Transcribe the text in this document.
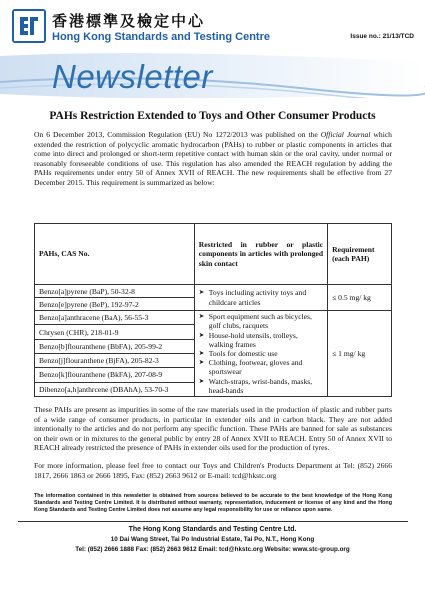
香港標準及檢定中心
Hong Kong Standards and Testing Centre	Issue no.: 21/13/TCD
Newsletter
PAHs Restriction Extended to Toys and Other Consumer Products
On 6 December 2013, Commission Regulation (EU) No 1272/2013 was published on the Official Journal which extended the restriction of polycyclic aromatic hydrocarbon (PAHs) to rubber or plastic components in articles that come into direct and prolonged or short-term repetitive contact with human skin or the oral cavity, under normal or reasonably foreseeable conditions of use. This regulation has also amended the REACH regulation by adding the PAHs requirements under entry 50 of Annex XVII of REACH. The new requirements shall be effective from 27 December 2015. This requirement is summarized as below:
PAHs, CAS No.	Restricted in rubber or plastic components in articles with prolonged skin contact	Requirement (each PAH)
Benzo[a]pyrene (BaP), 50-32-8	➤ Toys including activity toys and childcare articles	≤ 0.5 mg/ kg
Benzo[e]pyrene (BeP), 192-97-2		
Benzo[a]anthracene (BaA), 56-55-3	➤ Sport equipment such as bicycles, golf clubs, racquets
➤ House-hold utensils, trolleys, walking frames
➤ Tools for domestic use
➤ Clothing, footwear, gloves and sportswear
➤ Watch-straps, wrist-bands, masks, head-bands	≤ 1 mg/ kg
Chrysen (CHR), 218-01-9		
Benzo[b]flouranthene (BbFA), 205-99-2		
Benzo[j]flouranthene (BjFA), 205-82-3		
Benzo[k]flouranthene (BkFA), 207-08-9		
Dibenzo[a,h]anthrcene (DBAhA), 53-70-3		
These PAHs are present as impurities in some of the raw materials used in the production of plastic and rubber parts of a wide range of consumer products, in particular in extender oils and in carbon black. They are not added intentionally to the articles and do not perform any specific function. These PAHs are banned for sale as substances on their own or in mixtures to the general public by entry 28 of Annex XVII to REACH. Entry 50 of Annex XVII to REACH already restricted the presence of PAHs in extender oils used for the production of tyres.
For more information, please feel free to contact our Toys and Children's Products Department at Tel: (852) 2666 1817, 2666 1863 or 2666 1895, Fax: (852) 2663 9612 or E-mail: tcd@hkstc.org
The information contained in this newsletter is obtained from sources believed to be accurate to the best knowledge of the Hong Kong Standards and Testing Centre Limited. It is distributed without warranty, representation, inducement or license of any kind and the Hong Kong Standards and Testing Centre Limited does not assume any legal responsibility for use or reliance upon same.
The Hong Kong Standards and Testing Centre Ltd.
10 Dai Wang Street, Tai Po Industrial Estate, Tai Po, N.T., Hong Kong
Tel: (852) 2666 1888 Fax: (852) 2663 9612 Email: tcd@hkstc.org Website: www.stc-group.org
